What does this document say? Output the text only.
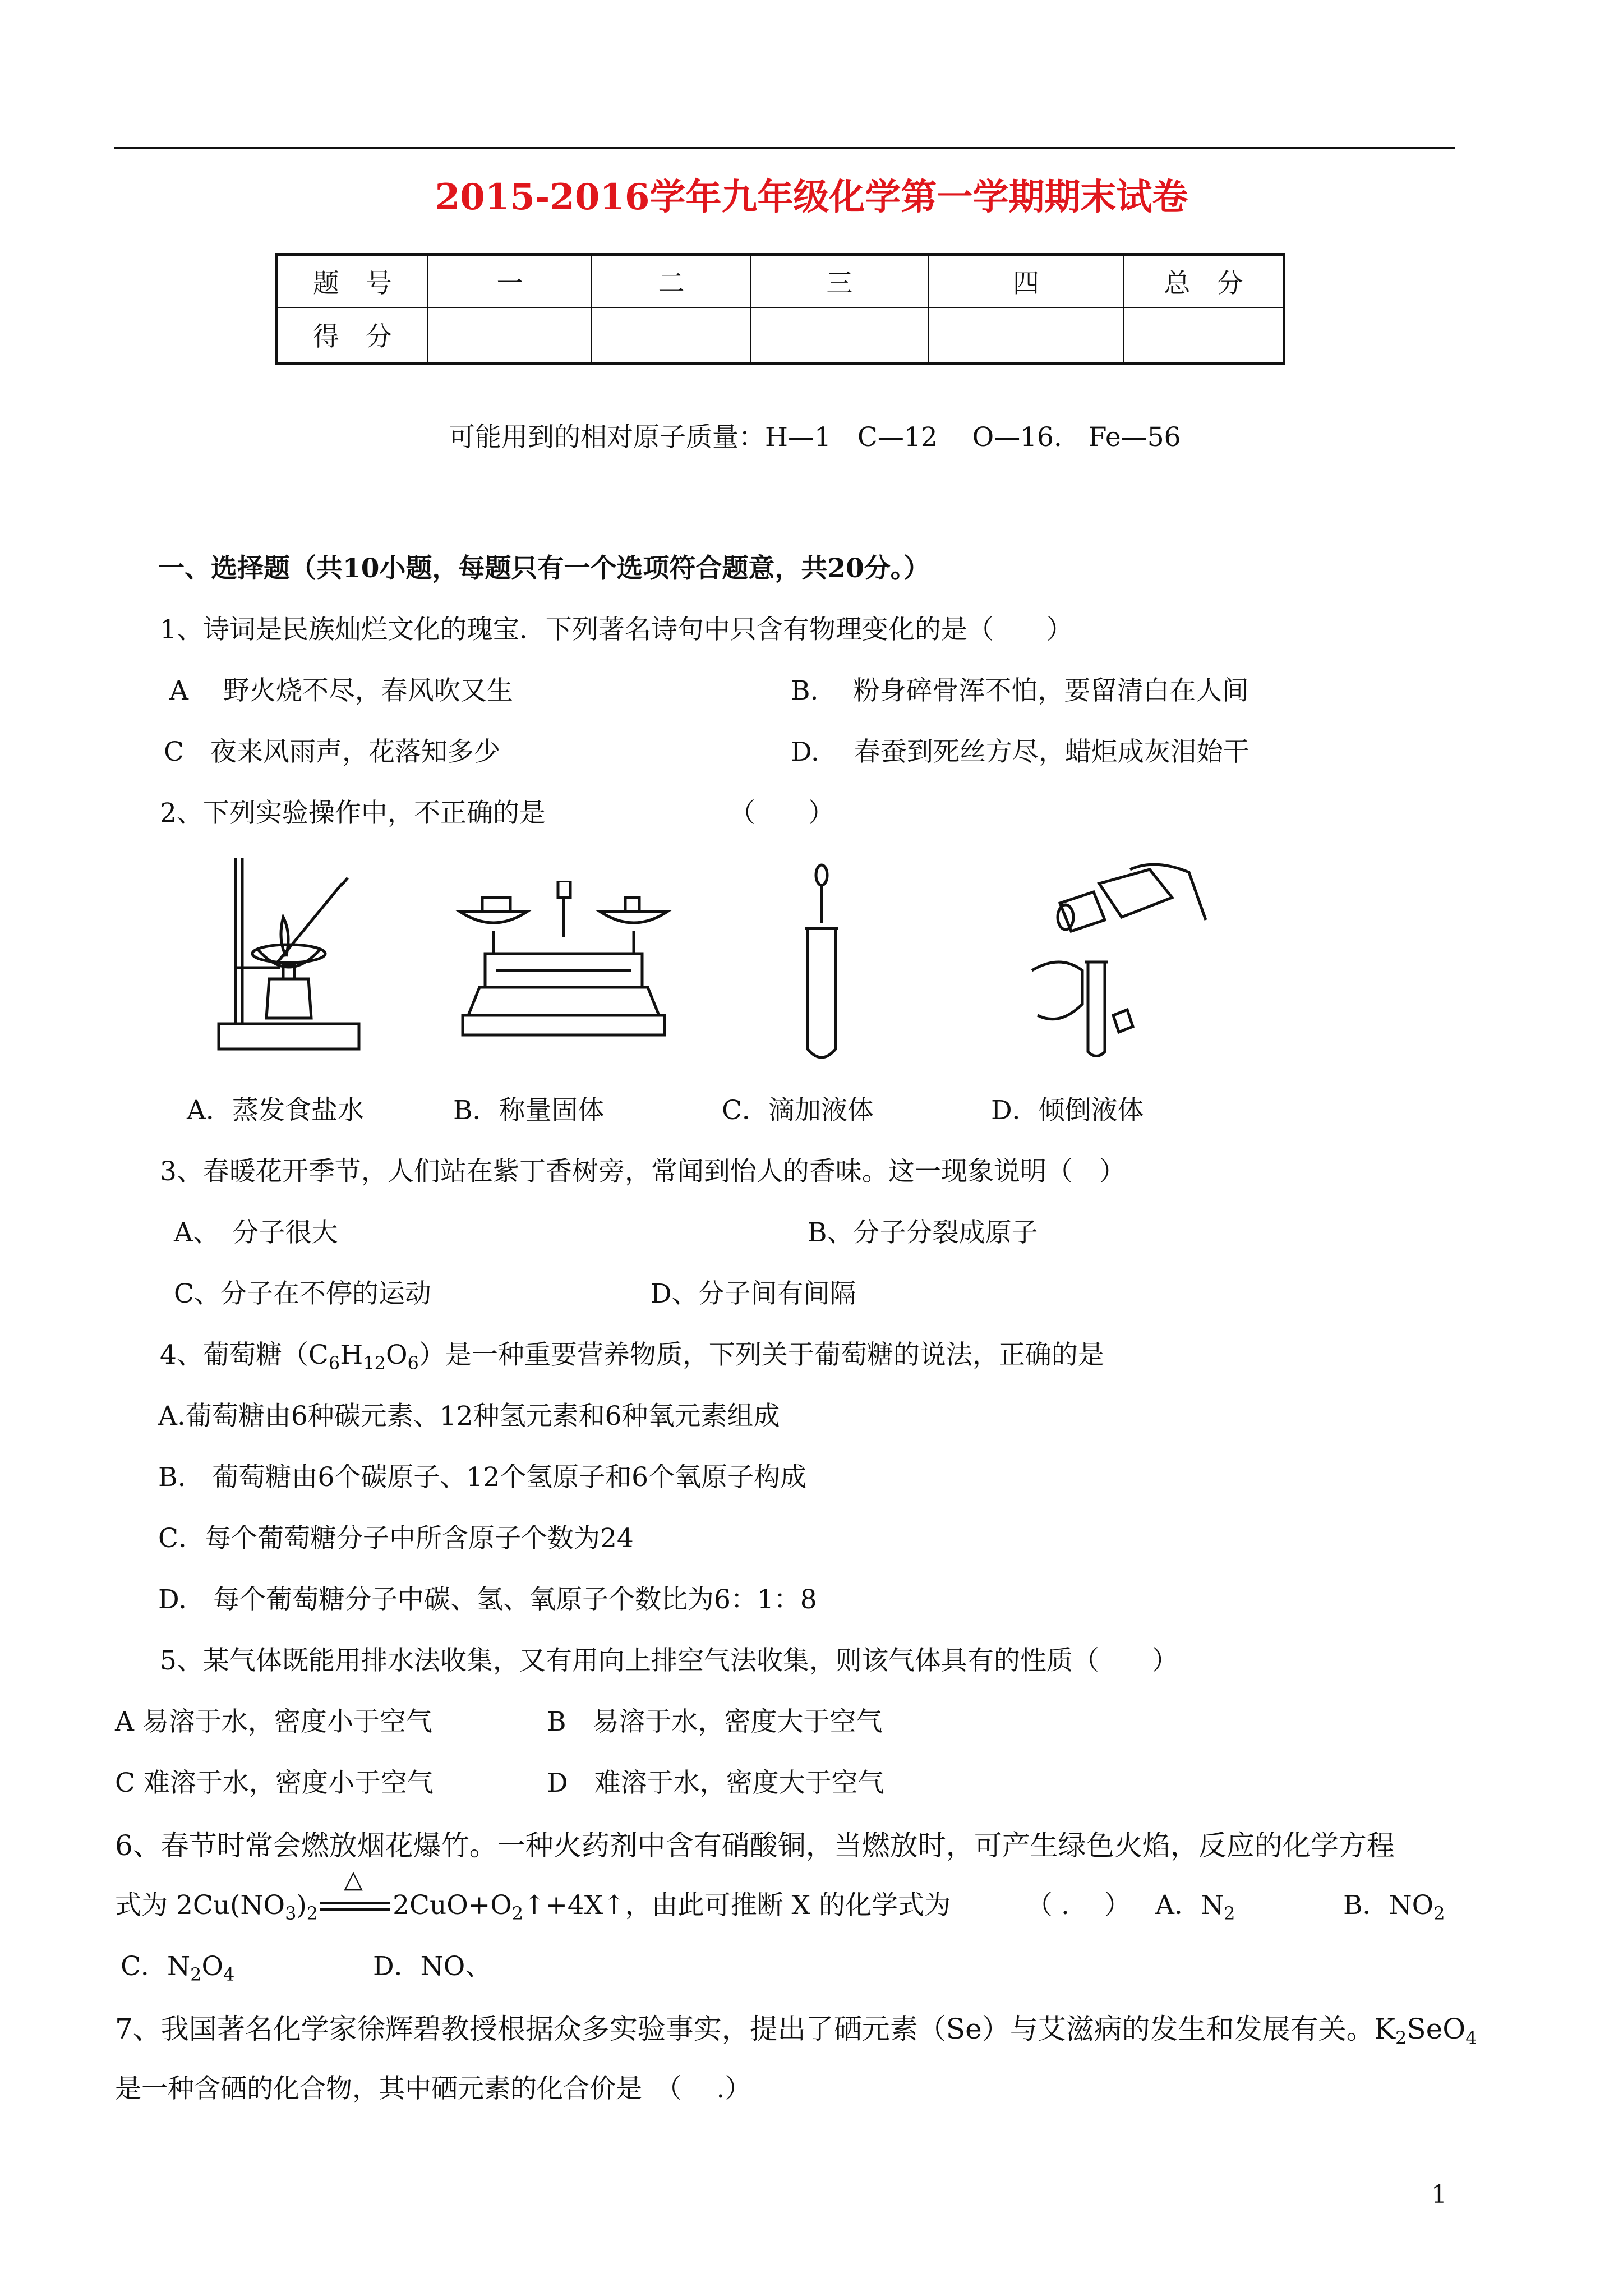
2015-2016学年九年级化学第一学期期末试卷
题　号	一	二	三	四	总　分
得　分					
可能用到的相对原子质量：H—1　C—12　 O—16.　Fe—56
一、选择题（共10小题，每题只有一个选项符合题意，共20分。）
1、诗词是民族灿烂文化的瑰宝．下列著名诗句中只含有物理变化的是（　　）
A　 野火烧不尽，春风吹又生	B.　 粉身碎骨浑不怕，要留清白在人间
C　夜来风雨声，花落知多少	D.　 春蚕到死丝方尽，蜡炬成灰泪始干
2、下列实验操作中，不正确的是	（　　）
A．蒸发食盐水	B．称量固体	C．滴加液体	D．倾倒液体
3、春暖花开季节，人们站在紫丁香树旁，常闻到怡人的香味。这一现象说明（　）
A、　分子很大	B、分子分裂成原子
C、分子在不停的运动	D、分子间有间隔
4、葡萄糖$(C_6H_{12}O_6)$是一种重要营养物质，下列关于葡萄糖的说法，正确的是
A.葡萄糖由6种碳元素、12种氢元素和6种氧元素组成
B.　葡萄糖由6个碳原子、12个氢原子和6个氧原子构成
C．每个葡萄糖分子中所含原子个数为24
D.　每个葡萄糖分子中碳、氢、氧原子个数比为6：1：8
5、某气体既能用排水法收集，又有用向上排空气法收集，则该气体具有的性质（　　）
A 易溶于水，密度小于空气	B　易溶于水，密度大于空气
C 难溶于水，密度小于空气	D　难溶于水，密度大于空气
6、春节时常会燃放烟花爆竹。一种火药剂中含有硝酸铜，当燃放时，可产生绿色火焰，反应的化学方程
式为 $2Cu(NO_3)_2$
△
$2CuO+O_2↑+4X↑$，由此可推断 X 的化学式为	（ .　 ） A．$N_2$	B．$NO_2$
C．$N_2O_4$	D．NO、
7、我国著名化学家徐辉碧教授根据众多实验事实，提出了硒元素（Se）与艾滋病的发生和发展有关。$K_2SeO_4$
是一种含硒的化合物，其中硒元素的化合价是　（　 .）
1
